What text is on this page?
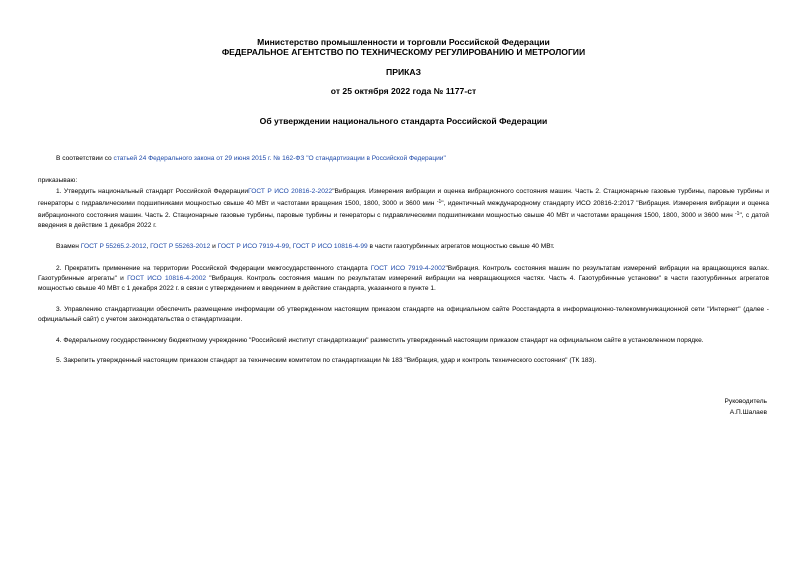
Министерство промышленности и торговли Российской Федерации
ФЕДЕРАЛЬНОЕ АГЕНТСТВО ПО ТЕХНИЧЕСКОМУ РЕГУЛИРОВАНИЮ И МЕТРОЛОГИИ
ПРИКАЗ
от 25 октября 2022 года № 1177-ст
Об утверждении национального стандарта Российской Федерации

В соответствии со статьей 24 Федерального закона от 29 июня 2015 г. № 162-ФЗ "О стандартизации в Российской Федерации"

приказываю:

1. Утвердить национальный стандарт Российской ФедерацииГОСТ Р ИСО 20816-2-2022"Вибрация. Измерения вибрации и оценка вибрационного состояния машин. Часть 2. Стационарные газовые турбины, паровые турбины и генераторы с гидравлическими подшипниками мощностью свыше 40 МВт и частотами вращения 1500, 1800, 3000 и 3600 мин $^{-1}$", идентичный международному стандарту ИСО 20816-2:2017 "Вибрация. Измерения вибрации и оценка вибрационного состояния машин. Часть 2. Стационарные газовые турбины, паровые турбины и генераторы с гидравлическими подшипниками мощностью свыше 40 МВт и частотами вращения 1500, 1800, 3000 и 3600 мин $^{-1}$", с датой введения в действие 1 декабря 2022 г.

Взамен ГОСТ Р 55265.2-2012, ГОСТ Р 55263-2012 и ГОСТ Р ИСО 7919-4-99, ГОСТ Р ИСО 10816-4-99 в части газотурбинных агрегатов мощностью свыше 40 МВт.

2. Прекратить применение на территории Российской Федерации межгосударственного стандарта ГОСТ ИСО 7919-4-2002"Вибрация. Контроль состояния машин по результатам измерений вибрации на вращающихся валах. Газотурбинные агрегаты" и ГОСТ ИСО 10816-4-2002 "Вибрация. Контроль состояния машин по результатам измерений вибрации на невращающихся частях. Часть 4. Газотурбинные установки" в части газотурбинных агрегатов мощностью свыше 40 МВт с 1 декабря 2022 г. в связи с утверждением и введением в действие стандарта, указанного в пункте 1.

3. Управлению стандартизации обеспечить размещение информации об утвержденном настоящим приказом стандарте на официальном сайте Росстандарта в информационно-телекоммуникационной сети "Интернет" (далее - официальный сайт) с учетом законодательства о стандартизации.

4. Федеральному государственному бюджетному учреждению "Российский институт стандартизации" разместить утвержденный настоящим приказом стандарт на официальном сайте в установленном порядке.

5. Закрепить утвержденный настоящим приказом стандарт за техническим комитетом по стандартизации № 183 "Вибрация, удар и контроль технического состояния" (ТК 183).

Руководитель
А.П.Шалаев
